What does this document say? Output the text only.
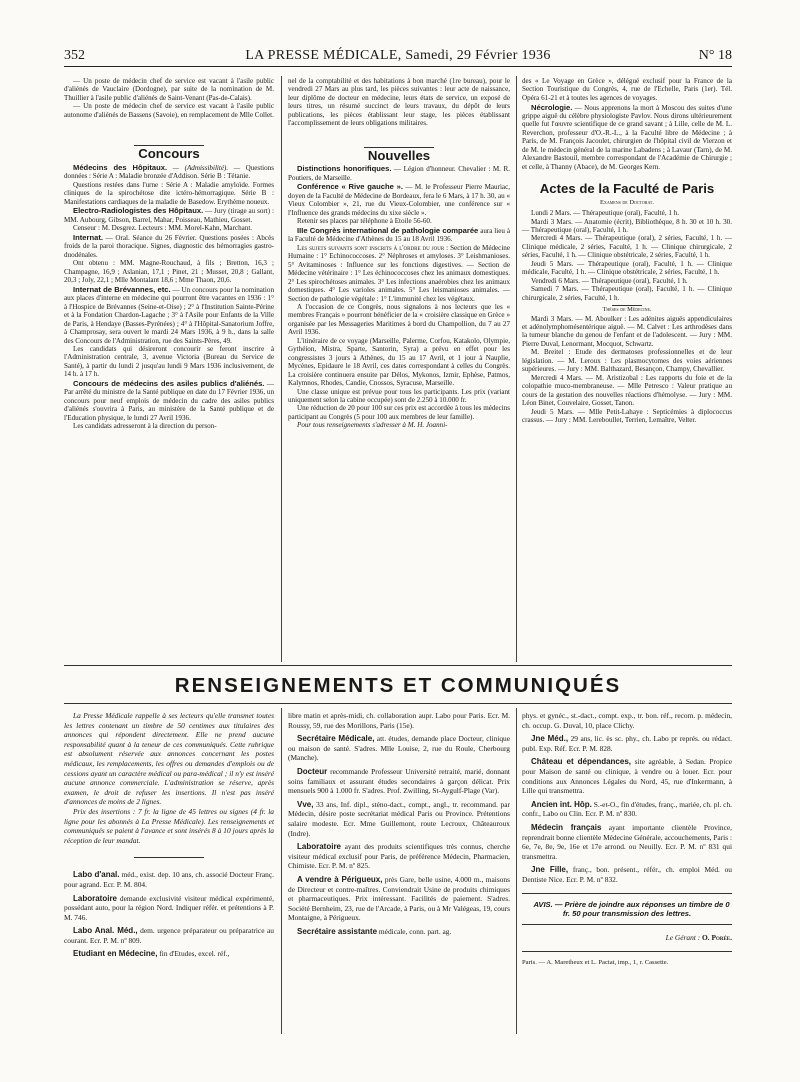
352	LA PRESSE MÉDICALE, Samedi, 29 Février 1936	N° 18

— Un poste de médecin chef de service est vacant à l'asile public d'aliénés de Vauclaire (Dordogne), par suite de la nomination de M. Thuillier à l'asile public d'aliénés de Saint-Venant (Pas-de-Calais).

— Un poste de médecin chef de service est vacant à l'asile public autonome d'aliénés de Bassens (Savoie), en remplacement de Mlle Collet.

Concours

Médecins des Hôpitaux. — (Admissibilité). — Questions données : Série A : Maladie bronzée d'Addison. Série B : Tétanie.

Questions restées dans l'urne : Série A : Maladie amyloïde. Formes cliniques de la spirochétose dite ictéro-hémorragique. Série B : Manifestations cardiaques de la maladie de Basedow. Erythème noueux.

Electro-Radiologistes des Hôpitaux. — Jury (tirage au sort) : MM. Aubourg, Gibson, Barrel, Mahar, Poisseau, Mathieu, Gosset.

Censeur : M. Desgrez. Lecteurs : MM. Morel-Kahn, Marchant.

Internat. — Oral. Séance du 26 Février. Questions posées : Abcès froids de la paroi thoracique. Signes, diagnostic des hémorragies gastro-duodénales.

Ont obtenu : MM. Magne-Rouchaud, à fils ; Bretton, 16,3 ; Champagne, 16,9 ; Aslanian, 17,1 ; Pinet, 21 ; Musset, 20,8 ; Gallant, 20,3 ; Joly, 22,1 ; Mlle Montalant 18,6 ; Mme Thaon, 20,6.

Internat de Brévannes, etc. — Un concours pour la nomination aux places d'interne en médecine qui pourront être vacantes en 1936 : 1° à l'Hospice de Brévannes (Seine-et-Oise) ; 2° à l'Institution Sainte-Périne et à la Fondation Chardon-Lagache ; 3° à l'Asile pour Enfants de la Ville de Paris, à Hendaye (Basses-Pyrénées) ; 4° à l'Hôpital-Sanatorium Joffre, à Champrosay, sera ouvert le mardi 24 Mars 1936, à 9 h., dans la salle des Concours de l'Administration, rue des Saints-Pères, 49.

Les candidats qui désireront concourir se feront inscrire à l'Administration centrale, 3, avenue Victoria (Bureau du Service de Santé), à partir du lundi 2 jusqu'au lundi 9 Mars 1936 inclusivement, de 14 h. à 17 h.

Concours de médecins des asiles publics d'aliénés. — Par arrêté du ministre de la Santé publique en date du 17 Février 1936, un concours pour neuf emplois de médecin du cadre des asiles publics d'aliénés s'ouvrira à Paris, au ministère de la Santé publique et de l'Education physique, le lundi 27 Avril 1936.

Les candidats adresseront à la direction du person-

nel de la comptabilité et des habitations à bon marché (1re bureau), pour le vendredi 27 Mars au plus tard, les pièces suivantes : leur acte de naissance, leur diplôme de docteur en médecine, leurs états de service, un exposé de leurs titres, un résumé succinct de leurs travaux, du dépôt de leurs publications, les pièces établissant leur stage, les pièces établissant l'accomplissement de leurs obligations militaires.

Nouvelles

Distinctions honorifiques. — Légion d'honneur. Chevalier : M. R. Poutiers, de Marseille.

Conférence « Rive gauche ». — M. le Professeur Pierre Mauriac, doyen de la Faculté de Médecine de Bordeaux, fera le 6 Mars, à 17 h. 30, au « Vieux Colombier », 21, rue du Vieux-Colombier, une conférence sur « l'Influence des grands médecins du xixe siècle ».

Retenir ses places par téléphone à Etoile 56-60.

IIIe Congrès international de pathologie comparée aura lieu à la Faculté de Médecine d'Athènes du 15 au 18 Avril 1936.

Les sujets suivants sont inscrits à l'ordre du jour : Section de Médecine Humaine : 1° Echinococcoses. 2° Néphroses et amyloses. 3° Leishmanioses. 5° Avitaminoses : Influence sur les fonctions digestives. — Section de Médecine vétérinaire : 1° Les échinococcoses chez les animaux domestiques. 2° Les spirochétoses animales. 3° Les infections anaérobies chez les animaux domestiques. 4° Les varioles animales. 5° Les leismanioses animales. — Section de pathologie végétale : 1° L'immunité chez les végétaux.

A l'occasion de ce Congrès, nous signalons à nos lecteurs que les « membres Français » pourront bénéficier de la « croisière classique en Grèce » organisée par les Messageries Maritimes à bord du Champollion, du 7 au 27 Avril 1936.

L'itinéraire de ce voyage (Marseille, Palerme, Corfou, Katakolo, Olympie, Gythéion, Mistra, Sparte, Santorin, Syra) a prévu en effet pour les congressistes 3 jours à Athènes, du 15 au 17 Avril, et 1 jour à Nauplie, Mycènes, Epidaure le 18 Avril, ces dates correspondant à celles du Congrès. La croisière continuera ensuite par Délos, Mykonos, Izmir, Ephèse, Patmos, Kalymnos, Rhodes, Candie, Cnossos, Syracuse, Marseille.

Une classe unique est prévue pour tous les participants. Les prix (variant uniquement selon la cabine occupée) sont de 2.250 à 10.000 fr.

Une réduction de 20 pour 100 sur ces prix est accordée à tous les médecins participant au Congrès (5 pour 100 aux membres de leur famille).

Pour tous renseignements s'adresser à M. H. Joanni-

des « Le Voyage en Grèce », délégué exclusif pour la France de la Section Touristique du Congrès, 4, rue de l'Echelle, Paris (1er). Tél. Opéra 61-21 et à toutes les agences de voyages.

Nécrologie. — Nous apprenons la mort à Moscou des suites d'une grippe aiguë du célèbre physiologiste Pavlov. Nous dirons ultérieurement quelle fut l'œuvre scientifique de ce grand savant ; à Lille, celle de M. L. Reverchon, professeur d'O.-R.-L., à la Faculté libre de Médecine ; à Paris, de M. François Jacoulet, chirurgien de l'hôpital civil de Vierzon et de M. le médecin général de la marine Labadens ; à Lavaur (Tarn), de M. Alexandre Bastouil, membre correspondant de l'Académie de Chirurgie ; et celle, à Thanny (Abace), de M. Georges Kern.

Actes de la Faculté de Paris

Examens de Doctorat.

Lundi 2 Mars. — Thérapeutique (oral), Faculté, 1 h.

Mardi 3 Mars. — Anatomie (écrit), Bibliothèque, 8 h. 30 et 10 h. 30. — Thérapeutique (oral), Faculté, 1 h.

Mercredi 4 Mars. — Thérapeutique (oral), 2 séries, Faculté, 1 h. — Clinique médicale, 2 séries, Faculté, 1 h. — Clinique chirurgicale, 2 séries, Faculté, 1 h. — Clinique obstétricale, 2 séries, Faculté, 1 h.

Jeudi 5 Mars. — Thérapeutique (oral), Faculté, 1 h. — Clinique médicale, Faculté, 1 h. — Clinique obstétricale, 2 séries, Faculté, 1 h.

Vendredi 6 Mars. — Thérapeutique (oral), Faculté, 1 h.

Samedi 7 Mars. — Thérapeutique (oral), Faculté, 1 h. — Clinique chirurgicale, 2 séries, Faculté, 1 h.

Thèses de Médecine.

Mardi 3 Mars. — M. Aboulker : Les adénites aiguës appendiculaires et adénolymphomésentérique aiguë. — M. Calvet : Les arthrodèses dans la tumeur blanche du genou de l'enfant et de l'adolescent. — Jury : MM. Pierre Duval, Lenormant, Mocquot, Schwartz.

M. Breitel : Etude des dermatoses professionnelles et de leur législation. — M. Leroux : Les plasmocytomes des voies aériennes supérieures. — Jury : MM. Balthazard, Besançon, Champy, Chevallier.

Mercredi 4 Mars. — M. Aristizobal : Les rapports du foie et de la colopathie muco-membraneuse. — Mlle Petresco : Valeur pratique au cours de la gestation des nouvelles réactions d'hémolyse. — Jury : MM. Léon Binet, Couvelaire, Gosset, Tanon.

Jeudi 5 Mars. — Mlle Petit-Lahaye : Septicémies à diplococcus crassus. — Jury : MM. Lereboullet, Terrien, Lemaître, Velter.

RENSEIGNEMENTS ET COMMUNIQUÉS

La Presse Médicale rappelle à ses lecteurs qu'elle transmet toutes les lettres contenant un timbre de 50 centimes aux titulaires des annonces qui répondent directement. Elle ne prend aucune responsabilité quant à la teneur de ces communiqués. Cette rubrique est absolument réservée aux annonces concernant les postes médicaux, les remplacements, les offres ou demandes d'emplois ou de cessions ayant un caractère médical ou para-médical ; il n'y est inséré aucune annonce commerciale. L'administration se réserve, après examen, le droit de refuser les insertions. Il n'est pas inséré d'annonces de moins de 2 lignes.

Prix des insertions : 7 fr. la ligne de 45 lettres ou signes (4 fr. la ligne pour les abonnés à La Presse Médicale). Les renseignements et communiqués se paient à l'avance et sont insérés 8 à 10 jours après la réception de leur mandat.

Labo d'anal. méd., exist. dep. 10 ans, ch. associé Docteur Franç. pour agrand. Ecr. P. M. 804.

Laboratoire demande exclusivité visiteur médical expérimenté, possédant auto, pour la région Nord. Indiquer référ. et prétentions à P. M. 746.

Labo Anal. Méd., dem. urgence préparateur ou préparatrice au courant. Ecr. P. M. nº 809.

Etudiant en Médecine, fin d'Etudes, excel. réf.,

libre matin et après-midi, ch. collaboration aupr. Labo pour Paris. Ecr. M. Roussy, 59, rue des Morillons, Paris (15e).

Secrétaire Médicale, att. études, demande place Docteur, clinique ou maison de santé. S'adres. Mlle Louise, 2, rue du Roule, Cherbourg (Manche).

Docteur recommande Professeur Université retraité, marié, donnant soins familiaux et assurant études secondaires à garçon délicat. Prix mensuels 900 à 1.000 fr. S'adres. Prof. Zwilling, St-Aygulf-Plage (Var).

Vve, 33 ans, Inf. dipl., sténo-dact., compt., angl., tr. recommand. par Médecin, désire poste secrétariat médical Paris ou Province. Prétentions salaire modeste. Ecr. Mme Guillemont, route Lecroux, Châteauroux (Indre).

Laboratoire ayant des produits scientifiques très connus, cherche visiteur médical exclusif pour Paris, de préférence Médecin, Pharmacien, Chimiste. Ecr. P. M. nº 825.

A vendre à Périgueux, près Gare, belle usine, 4.000 m., maisons de Directeur et contre-maîtres. Conviendrait Usine de produits chimiques et pharmaceutiques. Prix intéressant. Facilités de paiement. S'adres. Société Bernheim, 23, rue de l'Arcade, à Paris, ou à Mr Valégeas, 19, cours Montaigne, à Périgueux.

Secrétaire assistante médicale, conn. part. ag.

phys. et gynéc., st.-dact., compt. exp., tr. bon. réf., recom. p. médecin, ch. occup. G. Duval, 10, place Clichy.

Jne Méd., 29 ans, lic. ès sc. phy., ch. Labo pr représ. ou rédact. publ. Exp. Réf. Ecr. P. M. 828.

Château et dépendances, site agréable, à Sedan. Propice pour Maison de santé ou clinique, à vendre ou à louer. Ecr. pour conditions aux Annonces Légales du Nord, 45, rue d'Inkermann, à Lille qui transmettra.

Ancien int. Hôp. S.-et-O., fin d'études, franç., mariée, ch. pl. ch. confr., Labo ou Clin. Ecr. P. M. nº 830.

Médecin français ayant importante clientèle Province, reprendrait bonne clientèle Médecine Générale, accouchements, Paris : 6e, 7e, 8e, 9e, 16e et 17e arrond. ou Neuilly. Ecr. P. M. nº 831 qui transmettra.

Jne Fille, franç., bon. présent., référ., ch. emploi Méd. ou Dentiste Nice. Ecr. P. M. nº 832.

AVIS. — Prière de joindre aux réponses un timbre de 0 fr. 50 pour transmission des lettres.

Le Gérant : O. Porée.

Paris. — A. Maretheux et L. Pactat, imp., 1, r. Cassette.
